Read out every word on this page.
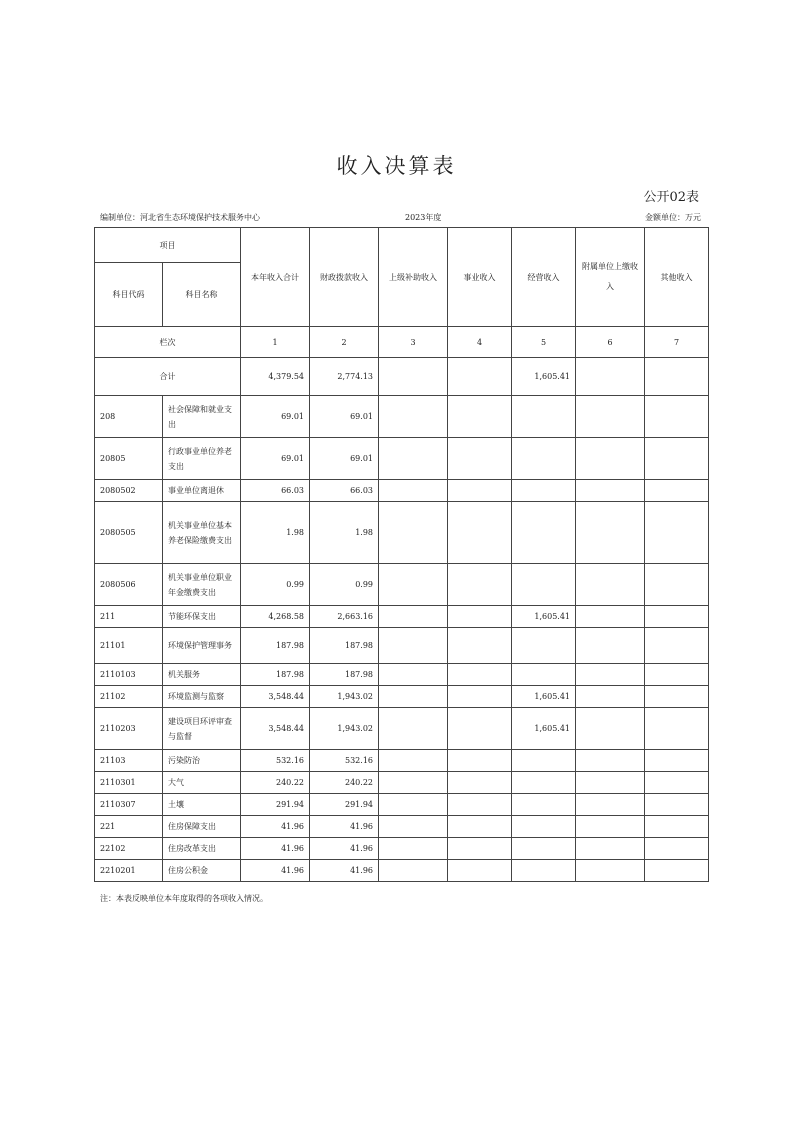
收入决算表
公开02表
编制单位：河北省生态环境保护技术服务中心	2023年度	金额单位：万元
项目		本年收入合计	财政拨款收入	上级补助收入	事业收入	经营收入	附属单位上缴收入	其他收入
科目代码	科目名称							
栏次		1	2	3	4	5	6	7
合计		4,379.54	2,774.13			1,605.41		
208	社会保障和就业支出	69.01	69.01					
20805	行政事业单位养老支出	69.01	69.01					
2080502	事业单位离退休	66.03	66.03					
2080505	机关事业单位基本养老保险缴费支出	1.98	1.98					
2080506	机关事业单位职业年金缴费支出	0.99	0.99					
211	节能环保支出	4,268.58	2,663.16			1,605.41		
21101	环境保护管理事务	187.98	187.98					
2110103	机关服务	187.98	187.98					
21102	环境监测与监察	3,548.44	1,943.02			1,605.41		
2110203	建设项目环评审查与监督	3,548.44	1,943.02			1,605.41		
21103	污染防治	532.16	532.16					
2110301	大气	240.22	240.22					
2110307	土壤	291.94	291.94					
221	住房保障支出	41.96	41.96					
22102	住房改革支出	41.96	41.96					
2210201	住房公积金	41.96	41.96					
注：本表反映单位本年度取得的各项收入情况。
